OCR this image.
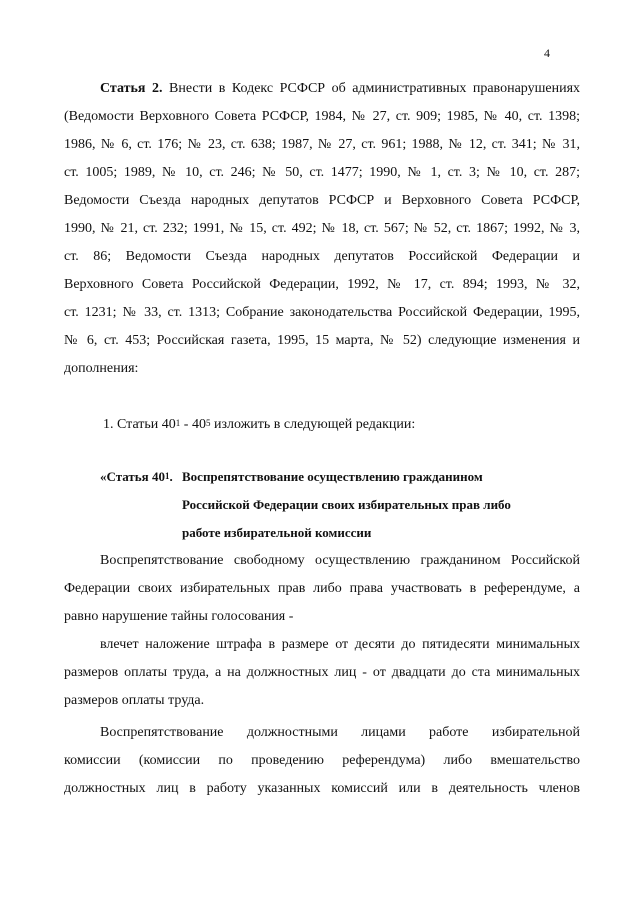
4
Статья 2. Внести в Кодекс РСФСР об административных правонарушениях
(Ведомости Верховного Совета РСФСР, 1984, № 27, ст. 909; 1985, № 40, ст. 1398;
1986, № 6, ст. 176; № 23, ст. 638; 1987, № 27, ст. 961; 1988, № 12, ст. 341; № 31,
ст. 1005; 1989, № 10, ст. 246; № 50, ст. 1477; 1990, № 1, ст. 3; № 10, ст. 287;
Ведомости Съезда народных депутатов РСФСР и Верховного Совета РСФСР,
1990, № 21, ст. 232; 1991, № 15, ст. 492; № 18, ст. 567; № 52, ст. 1867; 1992, № 3,
ст. 86; Ведомости Съезда народных депутатов Российской Федерации и
Верховного Совета Российской Федерации, 1992, № 17, ст. 894; 1993, № 32,
ст. 1231; № 33, ст. 1313; Собрание законодательства Российской Федерации, 1995,
№ 6, ст. 453; Российская газета, 1995, 15 марта, № 52) следующие изменения и
дополнения:
1. Статьи $40^1 - 40^5$ изложить в следующей редакции:
«Статья $40^1$. Воспрепятствование осуществлению гражданином
Российской Федерации своих избирательных прав либо
работе избирательной комиссии
Воспрепятствование свободному осуществлению гражданином Российской
Федерации своих избирательных прав либо права участвовать в референдуме, а
равно нарушение тайны голосования -
влечет наложение штрафа в размере от десяти до пятидесяти минимальных
размеров оплаты труда, а на должностных лиц - от двадцати до ста минимальных
размеров оплаты труда.
Воспрепятствование должностными лицами работе избирательной
комиссии (комиссии по проведению референдума) либо вмешательство
должностных лиц в работу указанных комиссий или в деятельность членов
